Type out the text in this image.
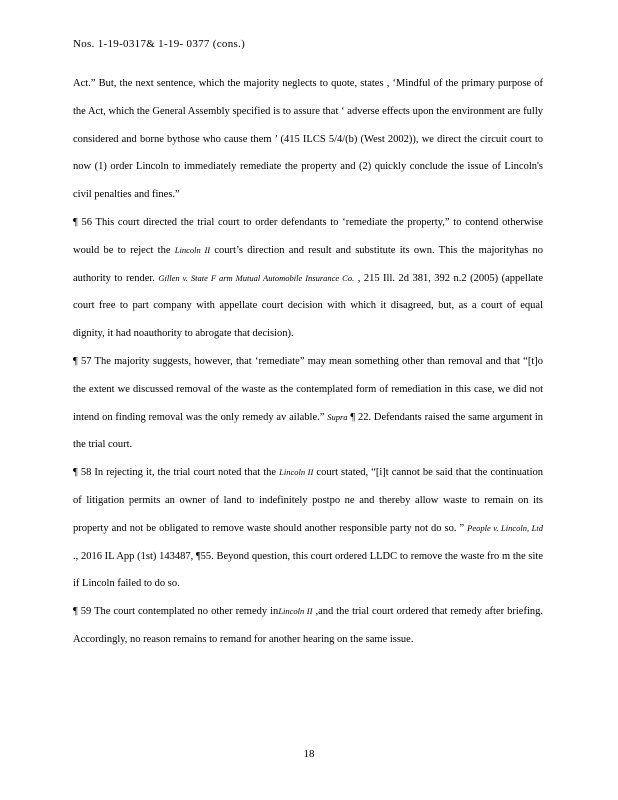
Nos. 1-19-0317& 1-19- 0377 (cons.)

Act.” But, the next sentence, which the majority neglects to quote, states , ‘Mindful of the primary purpose of the Act, which the General Assembly specified is to assure that ‘ adverse effects upon the environment are fully considered and borne bythose who cause them ’ (415 ILCS 5/4/(b) (West 2002)), we direct the circuit court to now (1) order Lincoln to immediately remediate the property and (2) quickly conclude the issue of Lincoln's civil penalties and fines.”

¶ 56 This court directed the trial court to order defendants to ‘remediate the property,” to contend otherwise would be to reject the Lincoln II court’s direction and result and substitute its own. This the majorityhas no authority to render. Gillen v. State F arm Mutual Automobile Insurance Co. , 215 Ill. 2d 381, 392 n.2 (2005) (appellate court free to part company with appellate court decision with which it disagreed, but, as a court of equal dignity, it had noauthority to abrogate that decision).

¶ 57 The majority suggests, however, that ‘remediate” may mean something other than removal and that “[t]o the extent we discussed removal of the waste as the contemplated form of remediation in this case, we did not intend on finding removal was the only remedy av ailable.” Supra ¶ 22. Defendants raised the same argument in the trial court.

¶ 58 In rejecting it, the trial court noted that the Lincoln II court stated, “[i]t cannot be said that the continuation of litigation permits an owner of land to indefinitely postpo ne and thereby allow waste to remain on its property and not be obligated to remove waste should another responsible party not do so. ” People v. Lincoln, Ltd ., 2016 IL App (1st) 143487, ¶55. Beyond question, this court ordered LLDC to remove the waste fro m the site if Lincoln failed to do so.

¶ 59 The court contemplated no other remedy inLincoln II ,and the trial court ordered that remedy after briefing. Accordingly, no reason remains to remand for another hearing on the same issue.

18
